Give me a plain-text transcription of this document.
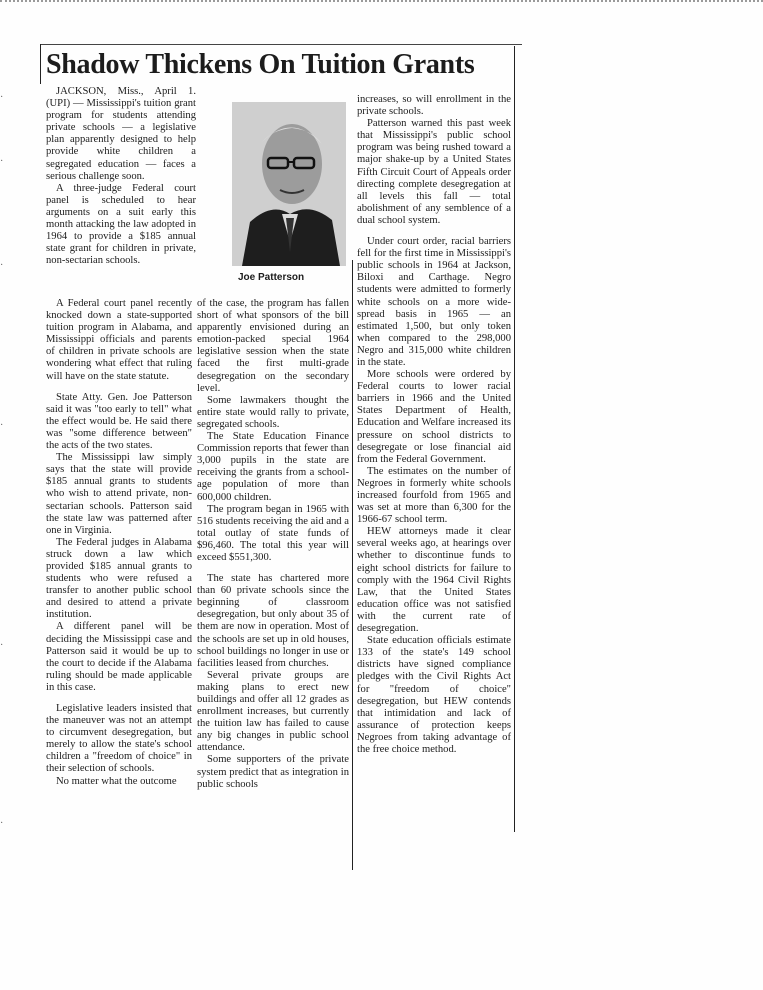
Shadow Thickens On Tuition Grants
Joe Patterson

JACKSON, Miss., April 1. (UPI) — Mississippi's tuition grant program for students attending private schools — a legislative plan apparently designed to help provide white children a segregated education — faces a serious challenge soon.

A three-judge Federal court panel is scheduled to hear arguments on a suit early this month attacking the law adopted in 1964 to provide a $185 annual state grant for children in private, non-sectarian schools.

A Federal court panel recently knocked down a state-supported tuition program in Alabama, and Mississippi officials and parents of children in private schools are wondering what effect that ruling will have on the state statute.

State Atty. Gen. Joe Patterson said it was "too early to tell" what the effect would be. He said there was "some difference between" the acts of the two states.

The Mississippi law simply says that the state will provide $185 annual grants to students who wish to attend private, non-sectarian schools. Patterson said the state law was patterned after one in Virginia.

The Federal judges in Alabama struck down a law which provided $185 annual grants to students who were refused a transfer to another public school and desired to attend a private institution.

A different panel will be deciding the Mississippi case and Patterson said it would be up to the court to decide if the Alabama ruling should be made applicable in this case.

Legislative leaders insisted that the maneuver was not an attempt to circumvent desegregation, but merely to allow the state's school children a "freedom of choice" in their selection of schools.

No matter what the outcome

of the case, the program has fallen short of what sponsors of the bill apparently envisioned during an emotion-packed special 1964 legislative session when the state faced the first multi-grade desegregation on the secondary level.

Some lawmakers thought the entire state would rally to private, segregated schools.

The State Education Finance Commission reports that fewer than 3,000 pupils in the state are receiving the grants from a school-age population of more than 600,000 children.

The program began in 1965 with 516 students receiving the aid and a total outlay of state funds of $96,460. The total this year will exceed $551,300.

The state has chartered more than 60 private schools since the beginning of classroom desegregation, but only about 35 of them are now in operation. Most of the schools are set up in old houses, school buildings no longer in use or facilities leased from churches.

Several private groups are making plans to erect new buildings and offer all 12 grades as enrollment increases, but currently the tuition law has failed to cause any big changes in public school attendance.

Some supporters of the private system predict that as integration in public schools

increases, so will enrollment in the private schools.

Patterson warned this past week that Mississippi's public school program was being rushed toward a major shake-up by a United States Fifth Circuit Court of Appeals order directing complete desegregation at all levels this fall — total abolishment of any semblence of a dual school system.

Under court order, racial barriers fell for the first time in Mississippi's public schools in 1964 at Jackson, Biloxi and Carthage. Negro students were admitted to formerly white schools on a more wide-spread basis in 1965 — an estimated 1,500, but only token when compared to the 298,000 Negro and 315,000 white children in the state.

More schools were ordered by Federal courts to lower racial barriers in 1966 and the United States Department of Health, Education and Welfare increased its pressure on school districts to desegregate or lose financial aid from the Federal Government.

The estimates on the number of Negroes in formerly white schools increased fourfold from 1965 and was set at more than 6,300 for the 1966-67 school term.

HEW attorneys made it clear several weeks ago, at hearings over whether to discontinue funds to eight school districts for failure to comply with the 1964 Civil Rights Law, that the United States education office was not satisfied with the current rate of desegregation.

State education officials estimate 133 of the state's 149 school districts have signed compliance pledges with the Civil Rights Act for "freedom of choice" desegregation, but HEW contends that intimidation and lack of assurance of protection keeps Negroes from taking advantage of the free choice method.

·
·
·
·
·
·
